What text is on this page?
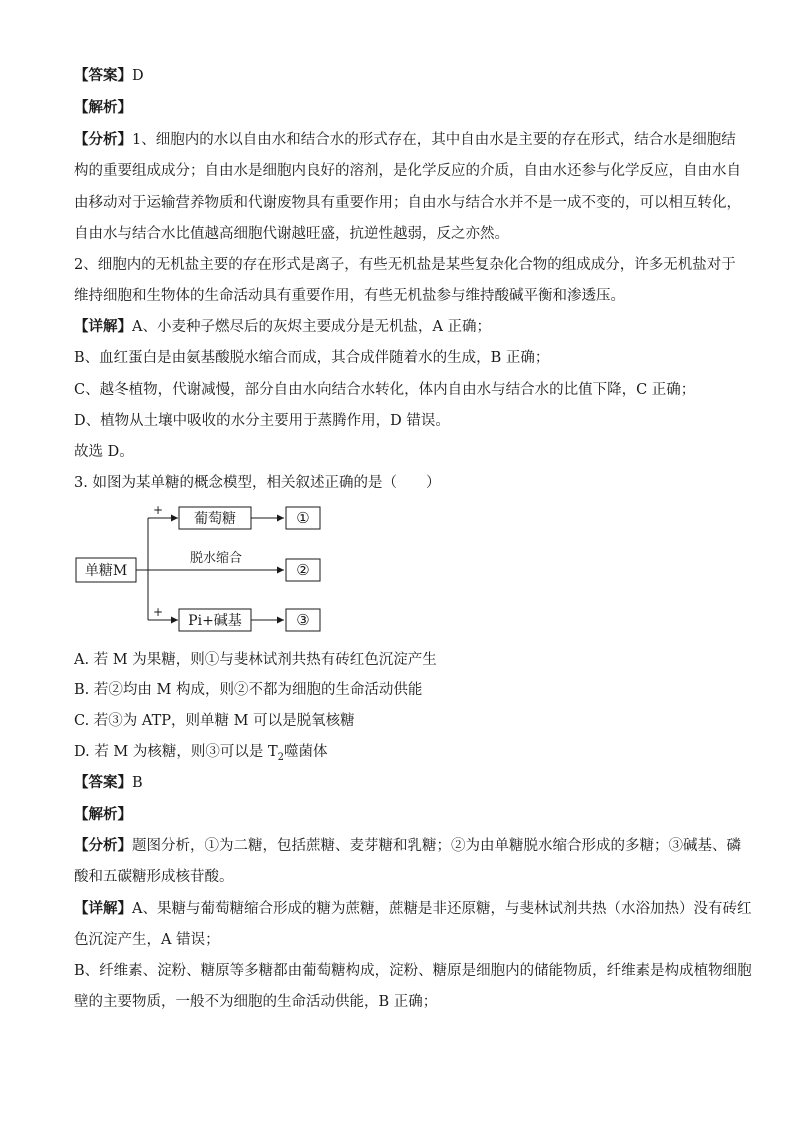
【答案】D
【解析】
【分析】1、细胞内的水以自由水和结合水的形式存在，其中自由水是主要的存在形式，结合水是细胞结
构的重要组成成分；自由水是细胞内良好的溶剂，是化学反应的介质，自由水还参与化学反应，自由水自
由移动对于运输营养物质和代谢废物具有重要作用；自由水与结合水并不是一成不变的，可以相互转化，
自由水与结合水比值越高细胞代谢越旺盛，抗逆性越弱，反之亦然。
2、细胞内的无机盐主要的存在形式是离子，有些无机盐是某些复杂化合物的组成成分，许多无机盐对于
维持细胞和生物体的生命活动具有重要作用，有些无机盐参与维持酸碱平衡和渗透压。
【详解】A、小麦种子燃尽后的灰烬主要成分是无机盐，A 正确；
B、血红蛋白是由氨基酸脱水缩合而成，其合成伴随着水的生成，B 正确；
C、越冬植物，代谢减慢，部分自由水向结合水转化，体内自由水与结合水的比值下降，C 正确；
D、植物从土壤中吸收的水分主要用于蒸腾作用，D 错误。
故选 D。
3. 如图为某单糖的概念模型，相关叙述正确的是（　　）
单糖M
+
+
葡萄糖
脱水缩合
Pi+碱基
①
②
③
A. 若 M 为果糖，则①与斐林试剂共热有砖红色沉淀产生
B. 若②均由 M 构成，则②不都为细胞的生命活动供能
C. 若③为 ATP，则单糖 M 可以是脱氧核糖
D. 若 M 为核糖，则③可以是 $T_2$噬菌体
【答案】B
【解析】
【分析】题图分析，①为二糖，包括蔗糖、麦芽糖和乳糖；②为由单糖脱水缩合形成的多糖；③碱基、磷
酸和五碳糖形成核苷酸。
【详解】A、果糖与葡萄糖缩合形成的糖为蔗糖，蔗糖是非还原糖，与斐林试剂共热（水浴加热）没有砖红
色沉淀产生，A 错误；
B、纤维素、淀粉、糖原等多糖都由葡萄糖构成，淀粉、糖原是细胞内的储能物质，纤维素是构成植物细胞
壁的主要物质，一般不为细胞的生命活动供能，B 正确；
